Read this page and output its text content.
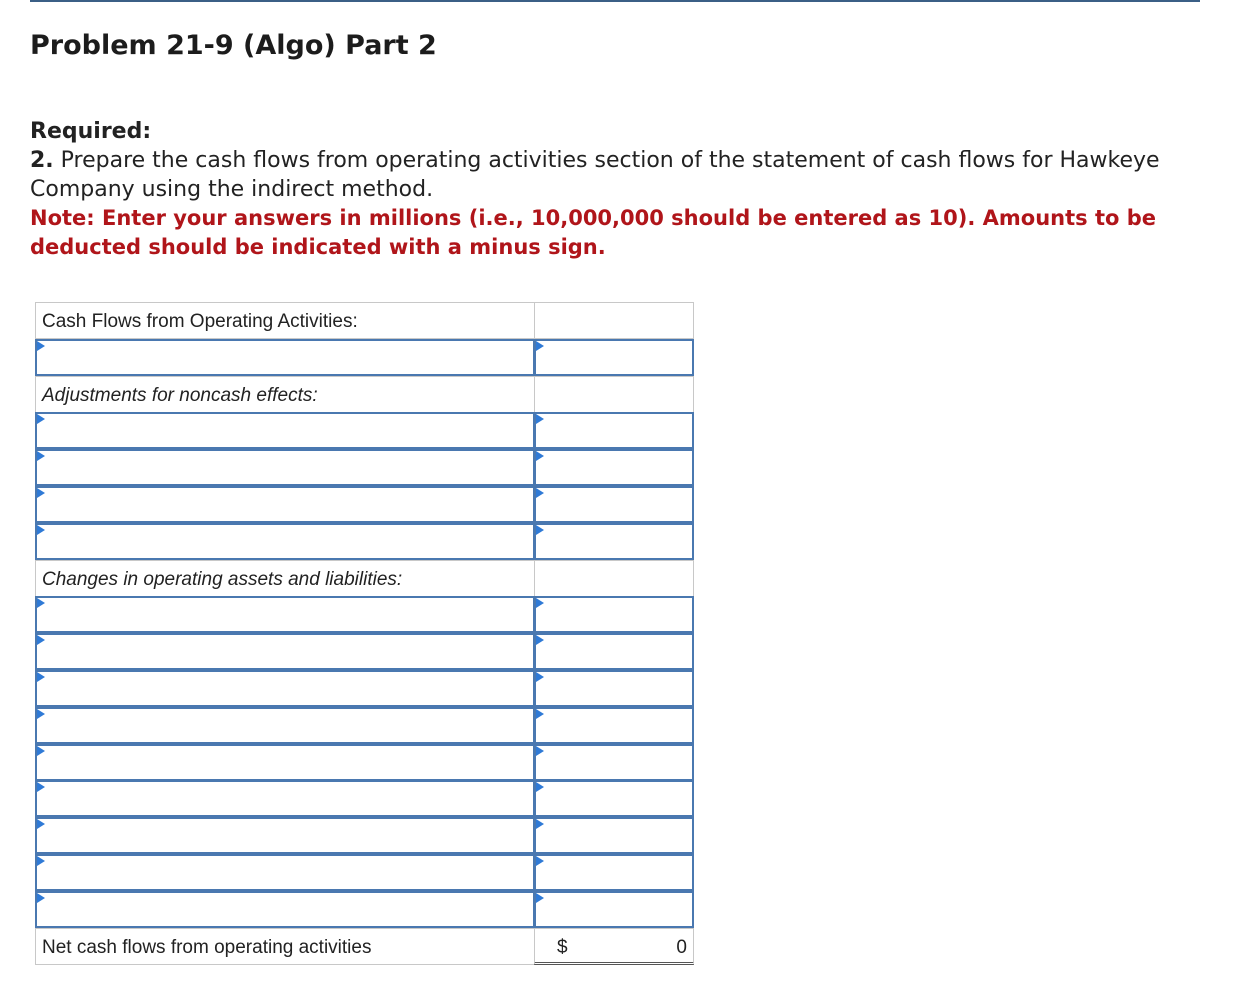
Problem 21-9 (Algo) Part 2
Required:
2. Prepare the cash flows from operating activities section of the statement of cash flows for Hawkeye Company using the indirect method.
Note: Enter your answers in millions (i.e., 10,000,000 should be entered as 10). Amounts to be deducted should be indicated with a minus sign.
Cash Flows from Operating Activities:
Adjustments for noncash effects:
Changes in operating assets and liabilities:
Net cash flows from operating activities	$	0
